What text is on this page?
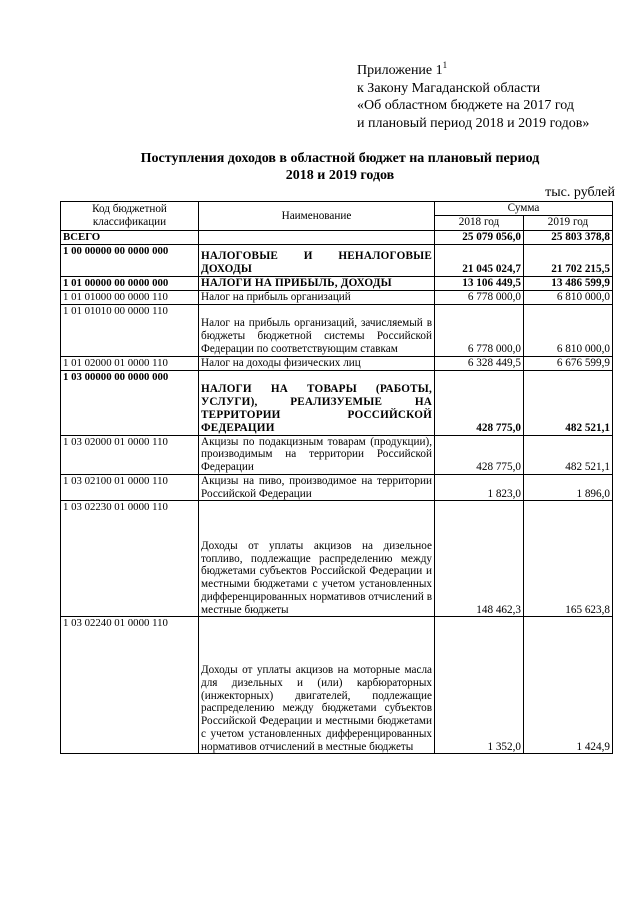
Приложение $1^1$
к Закону Магаданской области
«Об областном бюджете на 2017 год
и плановый период 2018 и 2019 годов»
Поступления доходов в областной бюджет на плановый период
2018 и 2019 годов
тыс. рублей
Код бюджетной классификации	Наименование	Сумма	
		2018 год	2019 год
ВСЕГО		25 079 056,0	25 803 378,8
1 00 00000 00 0000 000	НАЛОГОВЫЕ И НЕНАЛОГОВЫЕ ДОХОДЫ	21 045 024,7	21 702 215,5
1 01 00000 00 0000 000	НАЛОГИ НА ПРИБЫЛЬ, ДОХОДЫ	13 106 449,5	13 486 599,9
1 01 01000 00 0000 110	Налог на прибыль организаций	6 778 000,0	6 810 000,0
1 01 01010 00 0000 110	Налог на прибыль организаций, зачисляемый в бюджеты бюджетной системы Российской Федерации по соответствующим ставкам	6 778 000,0	6 810 000,0
1 01 02000 01 0000 110	Налог на доходы физических лиц	6 328 449,5	6 676 599,9
1 03 00000 00 0000 000	НАЛОГИ НА ТОВАРЫ (РАБОТЫ, УСЛУГИ), РЕАЛИЗУЕМЫЕ НА ТЕРРИТОРИИ РОССИЙСКОЙ ФЕДЕРАЦИИ	428 775,0	482 521,1
1 03 02000 01 0000 110	Акцизы по подакцизным товарам (продукции), производимым на территории Российской Федерации	428 775,0	482 521,1
1 03 02100 01 0000 110	Акцизы на пиво, производимое на территории Российской Федерации	1 823,0	1 896,0
1 03 02230 01 0000 110	Доходы от уплаты акцизов на дизельное топливо, подлежащие распределению между бюджетами субъектов Российской Федерации и местными бюджетами с учетом установленных дифференцированных нормативов отчислений в местные бюджеты	148 462,3	165 623,8
1 03 02240 01 0000 110	Доходы от уплаты акцизов на моторные масла для дизельных и (или) карбюраторных (инжекторных) двигателей, подлежащие распределению между бюджетами субъектов Российской Федерации и местными бюджетами с учетом установленных дифференцированных нормативов отчислений в местные бюджеты	1 352,0	1 424,9
